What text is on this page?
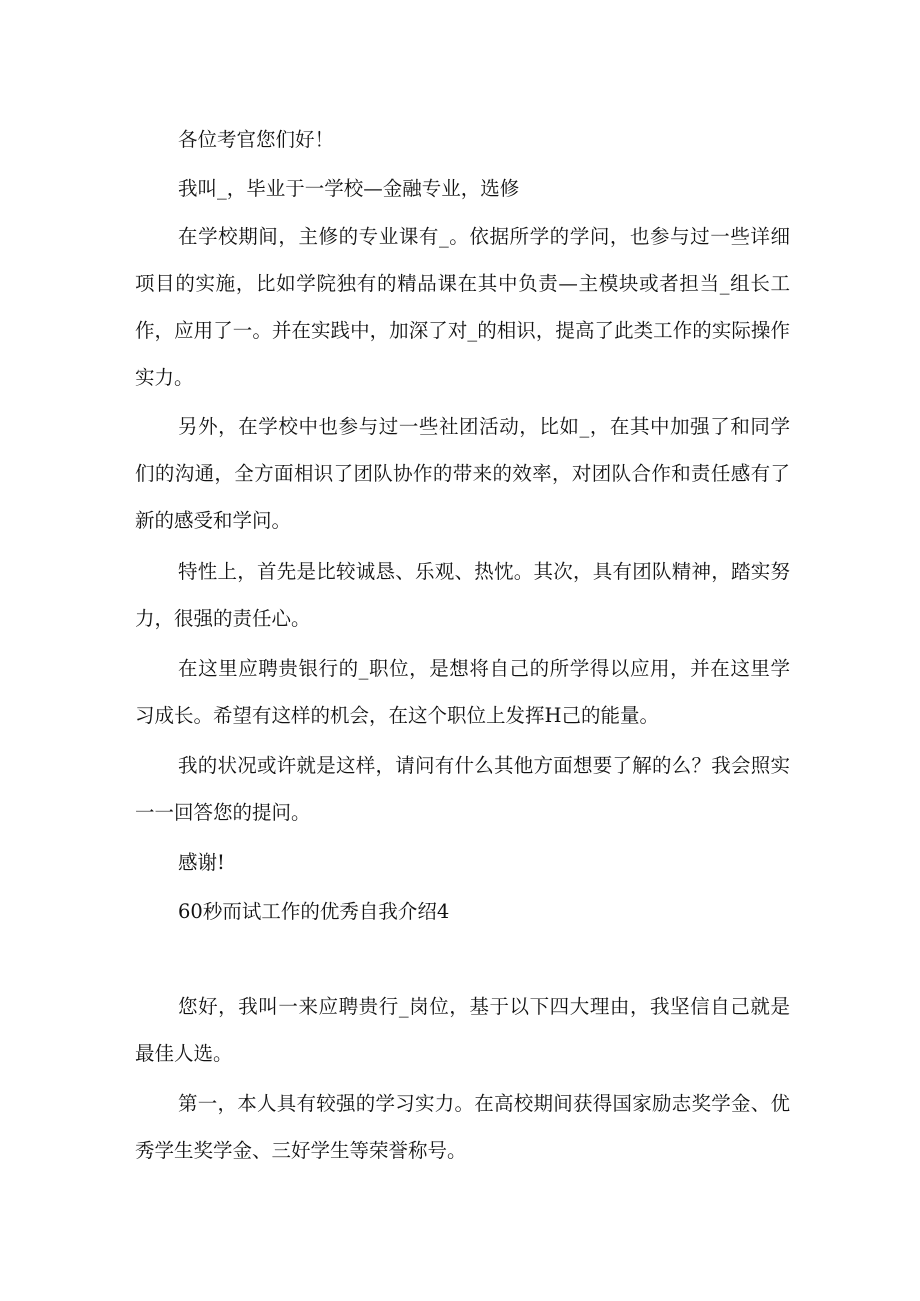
各位考官您们好！

我叫_，毕业于一学校—金融专业，选修

在学校期间，主修的专业课有_。依据所学的学问，也参与过一些详细项目的实施，比如学院独有的精品课在其中负责—主模块或者担当_组长工作，应用了一。并在实践中，加深了对_的相识，提高了此类工作的实际操作实力。

另外，在学校中也参与过一些社团活动，比如_，在其中加强了和同学们的沟通，全方面相识了团队协作的带来的效率，对团队合作和责任感有了新的感受和学问。

特性上，首先是比较诚恳、乐观、热忱。其次，具有团队精神，踏实努力，很强的责任心。

在这里应聘贵银行的_职位，是想将自己的所学得以应用，并在这里学习成长。希望有这样的机会，在这个职位上发挥H己的能量。

我的状况或许就是这样，请问有什么其他方面想要了解的么？我会照实一一回答您的提问。

感谢!

60秒而试工作的优秀自我介绍4

您好，我叫一来应聘贵行_岗位，基于以下四大理由，我坚信自己就是最佳人选。

第一，本人具有较强的学习实力。在高校期间获得国家励志奖学金、优秀学生奖学金、三好学生等荣誉称号。
